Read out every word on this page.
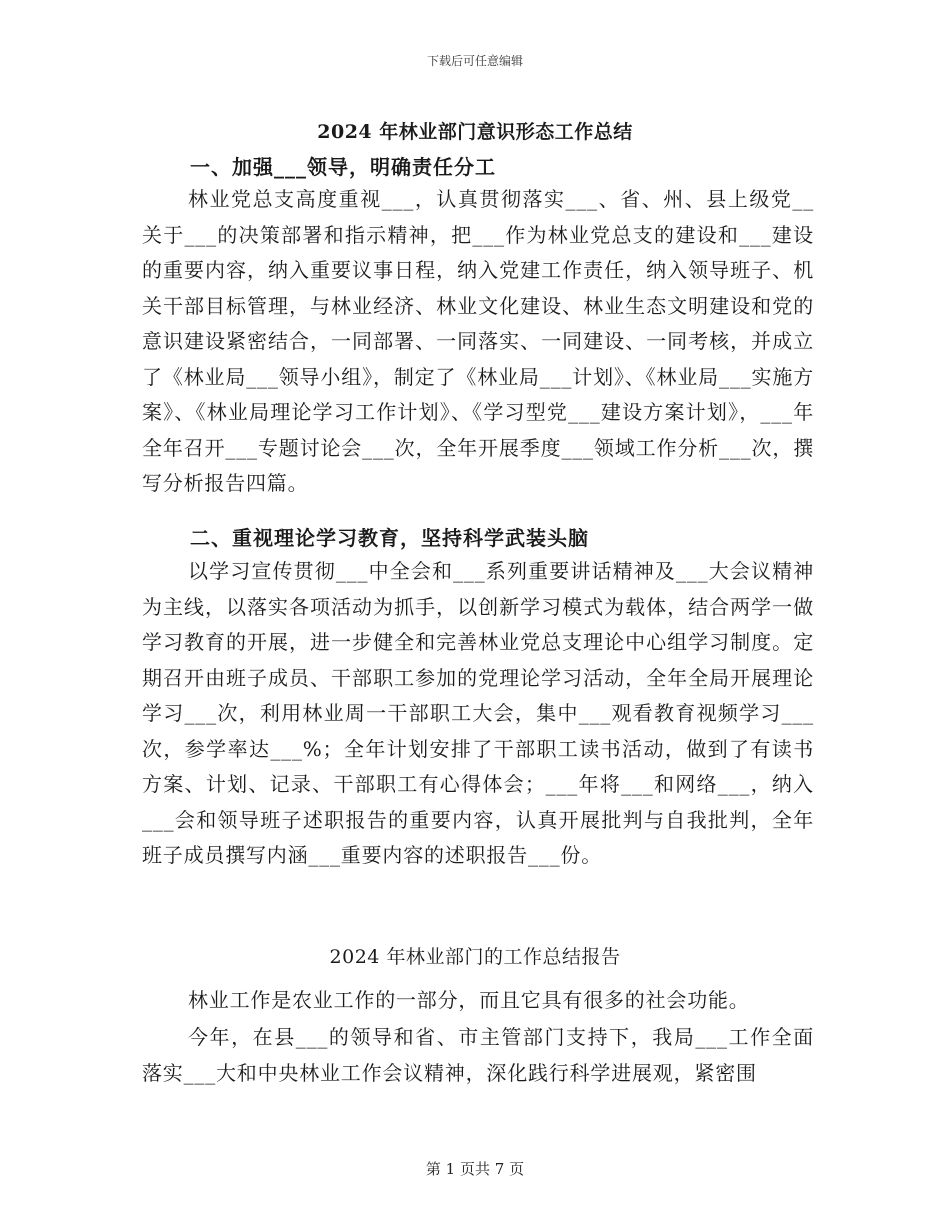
下载后可任意编辑
2024 年林业部门意识形态工作总结
一、加强___领导，明确责任分工

林业党总支高度重视___，认真贯彻落实___、省、州、县上级党__关于___的决策部署和指示精神，把___作为林业党总支的建设和___建设的重要内容，纳入重要议事日程，纳入党建工作责任，纳入领导班子、机关干部目标管理，与林业经济、林业文化建设、林业生态文明建设和党的意识建设紧密结合，一同部署、一同落实、一同建设、一同考核，并成立了《林业局___领导小组》，制定了《林业局___计划》、《林业局___实施方案》、《林业局理论学习工作计划》、《学习型党___建设方案计划》，___年全年召开___专题讨论会___次，全年开展季度___领域工作分析___次，撰写分析报告四篇。

二、重视理论学习教育，坚持科学武装头脑

以学习宣传贯彻___中全会和___系列重要讲话精神及___大会议精神为主线，以落实各项活动为抓手，以创新学习模式为载体，结合两学一做学习教育的开展，进一步健全和完善林业党总支理论中心组学习制度。定期召开由班子成员、干部职工参加的党理论学习活动，全年全局开展理论学习___次，利用林业周一干部职工大会，集中___观看教育视频学习___次，参学率达___%；全年计划安排了干部职工读书活动，做到了有读书方案、计划、记录、干部职工有心得体会；___年将___和网络___，纳入___会和领导班子述职报告的重要内容，认真开展批判与自我批判，全年班子成员撰写内涵___重要内容的述职报告___份。

2024 年林业部门的工作总结报告

林业工作是农业工作的一部分，而且它具有很多的社会功能。

今年，在县___的领导和省、市主管部门支持下，我局___工作全面落实___大和中央林业工作会议精神，深化践行科学进展观，紧密围

第 1 页共 7 页
